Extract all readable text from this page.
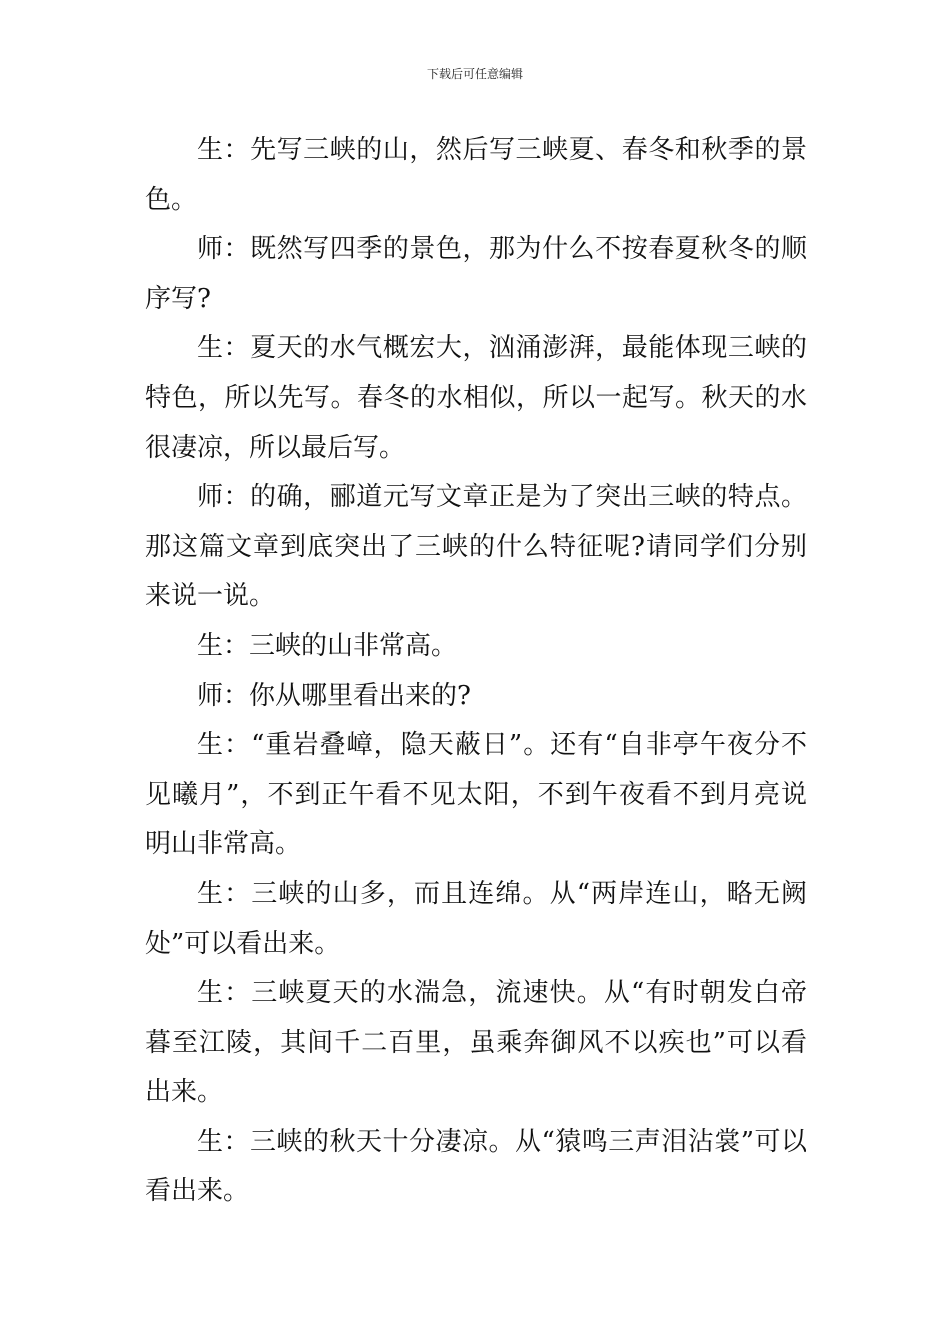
下载后可任意编辑

生：先写三峡的山，然后写三峡夏、春冬和秋季的景色。

师：既然写四季的景色，那为什么不按春夏秋冬的顺序写?

生：夏天的水气概宏大，汹涌澎湃，最能体现三峡的特色，所以先写。春冬的水相似，所以一起写。秋天的水很凄凉，所以最后写。

师：的确，郦道元写文章正是为了突出三峡的特点。那这篇文章到底突出了三峡的什么特征呢?请同学们分别来说一说。

生：三峡的山非常高。

师：你从哪里看出来的?

生：“重岩叠嶂，隐天蔽日”。还有“自非亭午夜分不见曦月”，不到正午看不见太阳，不到午夜看不到月亮说明山非常高。

生：三峡的山多，而且连绵。从“两岸连山，略无阙处”可以看出来。

生：三峡夏天的水湍急，流速快。从“有时朝发白帝暮至江陵，其间千二百里，虽乘奔御风不以疾也”可以看出来。

生：三峡的秋天十分凄凉。从“猿鸣三声泪沾裳”可以看出来。
